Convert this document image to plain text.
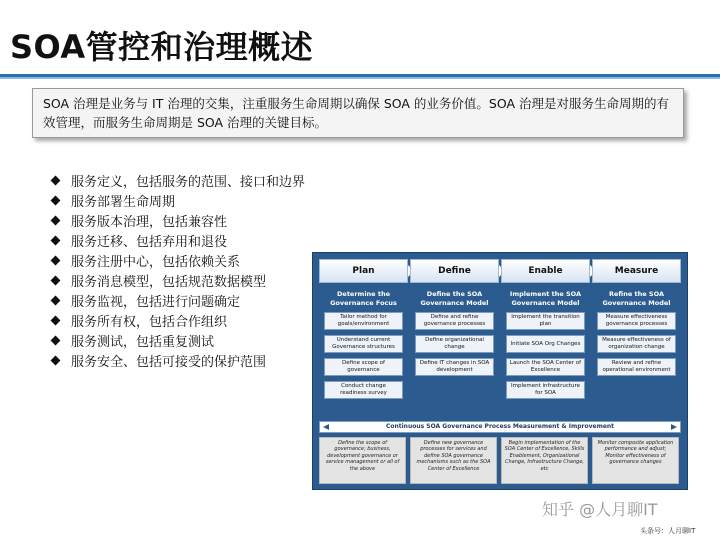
SOA管控和治理概述
SOA 治理是业务与 IT 治理的交集，注重服务生命周期以确保 SOA 的业务价值。SOA 治理是对服务生命周期的有效管理，而服务生命周期是 SOA 治理的关键目标。
服务定义，包括服务的范围、接口和边界
服务部署生命周期
服务版本治理，包括兼容性
服务迁移、包括弃用和退役
服务注册中心，包括依赖关系
服务消息模型，包括规范数据模型
服务监视，包括进行问题确定
服务所有权，包括合作组织
服务测试，包括重复测试
服务安全、包括可接受的保护范围
Plan
Determine the Governance Focus
Tailor method for goals/environment
Understand current Governance structures
Define scope of governance
Conduct change readiness survey
Define
Define the SOA Governance Model
Define and refine governance processes
Define organizational change
Define IT changes in SOA development
Enable
Implement the SOA Governance Model
Implement the transition plan
Initiate SOA Org Changes
Launch the SOA Center of Excellence
Implement infrastructure for SOA
Measure
Refine the SOA Governance Model
Measure effectiveness governance processes
Measure effectiveness of organization change
Review and refine operational environment
Continuous SOA Governance Process Measurement & Improvement
Define the scope of governance; business, development governance or service management or all of the above
Define new governance processes for services and define SOA governance mechanisms such as the SOA Center of Excellence
Begin implementation of the SOA Center of Excellence, Skills Enablement, Organizational Change, Infrastructure Change, etc
Monitor composite application performance and adjust; Monitor effectiveness of governance changes
知乎 @人月聊IT
头条号：人月聊IT
